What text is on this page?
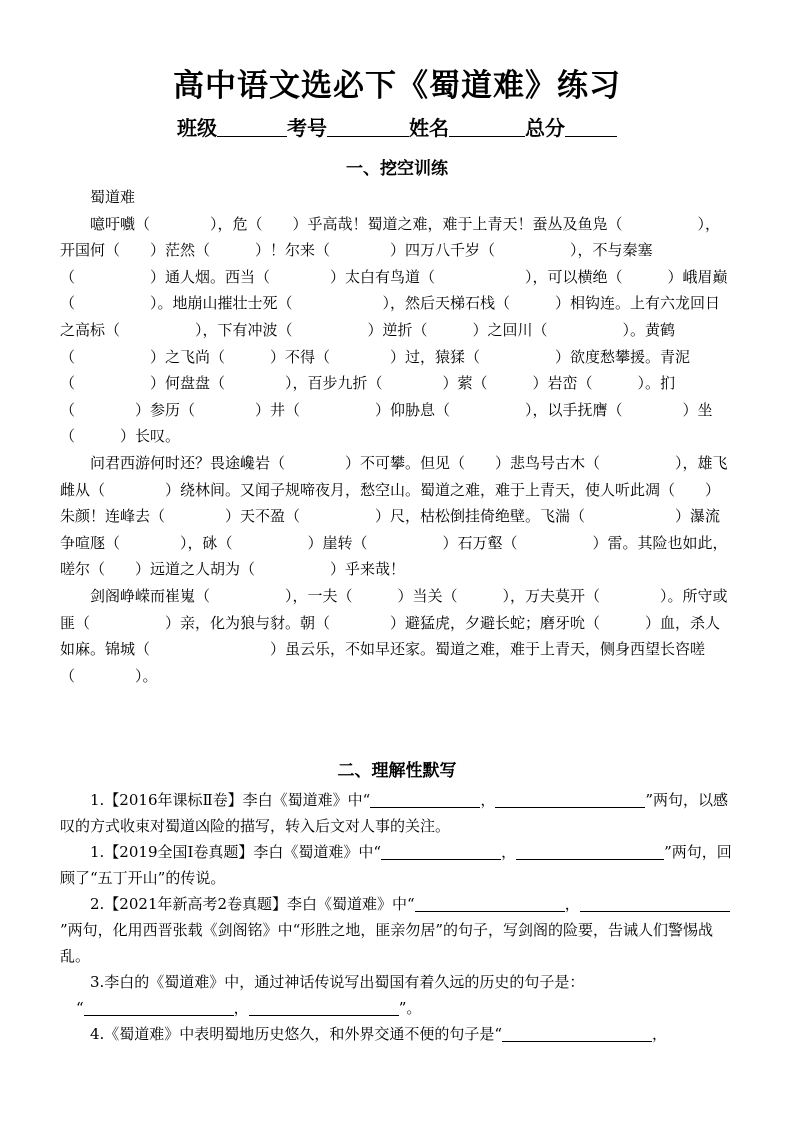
高中语文选必下《蜀道难》练习
班级	考号	姓名	总分
一、挖空训练

蜀道难

噫吁嚱（　　　　），危（　　）乎高哉！蜀道之难，难于上青天！蚕丛及鱼凫（　　　　　），开国何（　　）茫然（　　　）！尔来（　　　　）四万八千岁（　　　　　），不与秦塞（　　　　　）通人烟。西当（　　　　）太白有鸟道（　　　　　　），可以横绝（　　　）峨眉巅（　　　　　）。地崩山摧壮士死（　　　　　　），然后天梯石栈（　　　）相钩连。上有六龙回日之高标（　　　　　），下有冲波（　　　　　）逆折（　　　）之回川（　　　　　）。黄鹤（　　　　　）之飞尚（　　　）不得（　　　　）过，猿猱（　　　　　）欲度愁攀援。青泥（　　　　　）何盘盘（　　　　），百步九折（　　　　）萦（　　　）岩峦（　　　）。扪（　　　　）参历（　　　　）井（　　　　　）仰胁息（　　　　　），以手抚膺（　　　　）坐（　　　）长叹。

问君西游何时还？畏途巉岩（　　　　）不可攀。但见（　　）悲鸟号古木（　　　　　），雄飞雌从（　　　　）绕林间。又闻子规啼夜月，愁空山。蜀道之难，难于上青天，使人听此凋（　　）朱颜！连峰去（　　　　）天不盈（　　　　　）尺，枯松倒挂倚绝壁。飞湍（　　　　　　）瀑流争喧豗（　　　　），砯（　　　　　）崖转（　　　　　）石万壑（　　　　　）雷。其险也如此，嗟尔（　　）远道之人胡为（　　　　　）乎来哉！

剑阁峥嵘而崔嵬（　　　　　），一夫（　　　）当关（　　　），万夫莫开（　　　　）。所守或匪（　　　　　）亲，化为狼与豺。朝（　　　　）避猛虎，夕避长蛇；磨牙吮（　　　）血，杀人如麻。锦城（　　　　　　　　）虽云乐，不如早还家。蜀道之难，难于上青天，侧身西望长咨嗟（　　　　）。

二、理解性默写

1.【2016年课标Ⅱ卷】李白《蜀道难》中“	，	”两句，以感叹的方式收束对蜀道凶险的描写，转入后文对人事的关注。

1.【2019全国Ⅰ卷真题】李白《蜀道难》中“	，	”两句，回顾了“五丁开山”的传说。

2.【2021年新高考2卷真题】李白《蜀道难》中“	，”两句，化用西晋张载《剑阁铭》中“形胜之地，匪亲勿居”的句子，写剑阁的险要，告诫人们警惕战乱。

3.李白的《蜀道难》中，通过神话传说写出蜀国有着久远的历史的句子是：

“	，	”。

4.《蜀道难》中表明蜀地历史悠久，和外界交通不便的句子是“	，
